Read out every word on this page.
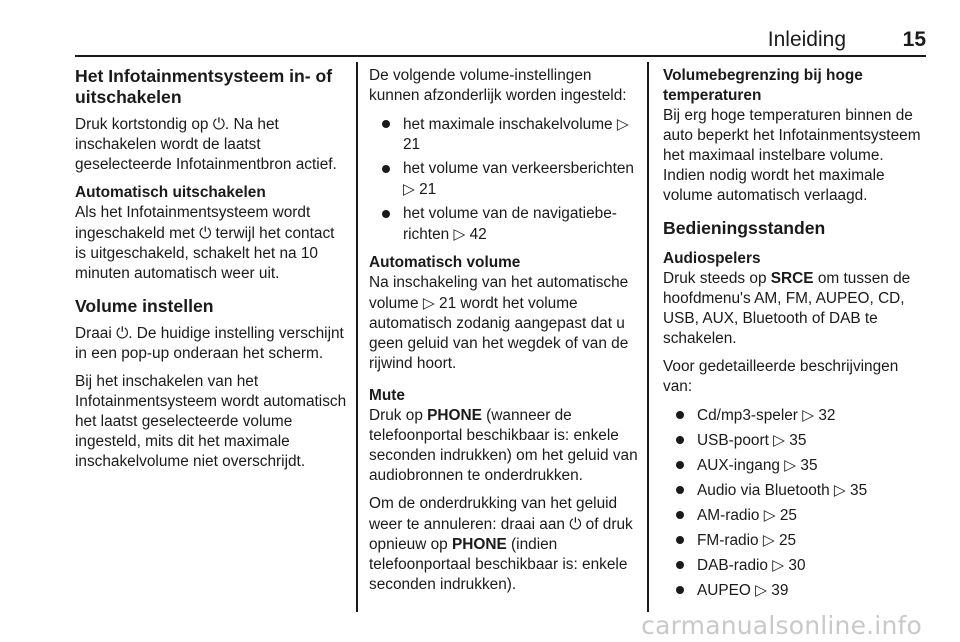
Inleiding	15
Het Infotainmentsysteem in- of uitschakelen

Druk kortstondig op ⏻. Na het inschakelen wordt de laatst geselecteerde Infotainmentbron actief.

Automatisch uitschakelen

Als het Infotainmentsysteem wordt ingeschakeld met ⏻ terwijl het contact is uitgeschakeld, schakelt het na 10 minuten automatisch weer uit.

Volume instellen

Draai ⏻. De huidige instelling verschijnt in een pop-up onderaan het scherm.

Bij het inschakelen van het Infotainmentsysteem wordt automatisch het laatst geselecteerde volume ingesteld, mits dit het maximale inschakelvolume niet overschrijdt.

De volgende volume-instellingen kunnen afzonderlijk worden ingesteld:

het maximale inschakelvolume ▷ 21
het volume van verkeersberichten ▷ 21
het volume van de navigatieberichten ▷ 42
Automatisch volume

Na inschakeling van het automatische volume ▷ 21 wordt het volume automatisch zodanig aangepast dat u geen geluid van het wegdek of van de rijwind hoort.

Mute

Druk op PHONE (wanneer de telefoonportal beschikbaar is: enkele seconden indrukken) om het geluid van audiobronnen te onderdrukken.

Om de onderdrukking van het geluid weer te annuleren: draai aan ⏻ of druk opnieuw op PHONE (indien telefoonportaal beschikbaar is: enkele seconden indrukken).

Volumebegrenzing bij hoge temperaturen

Bij erg hoge temperaturen binnen de auto beperkt het Infotainmentsysteem het maximaal instelbare volume. Indien nodig wordt het maximale volume automatisch verlaagd.

Bedieningsstanden
Audiospelers

Druk steeds op SRCE om tussen de hoofdmenu's AM, FM, AUPEO, CD, USB, AUX, Bluetooth of DAB te schakelen.

Voor gedetailleerde beschrijvingen van:

Cd/mp3-speler ▷ 32
USB-poort ▷ 35
AUX-ingang ▷ 35
Audio via Bluetooth ▷ 35
AM-radio ▷ 25
FM-radio ▷ 25
DAB-radio ▷ 30
AUPEO ▷ 39
carmanualsonline.info
